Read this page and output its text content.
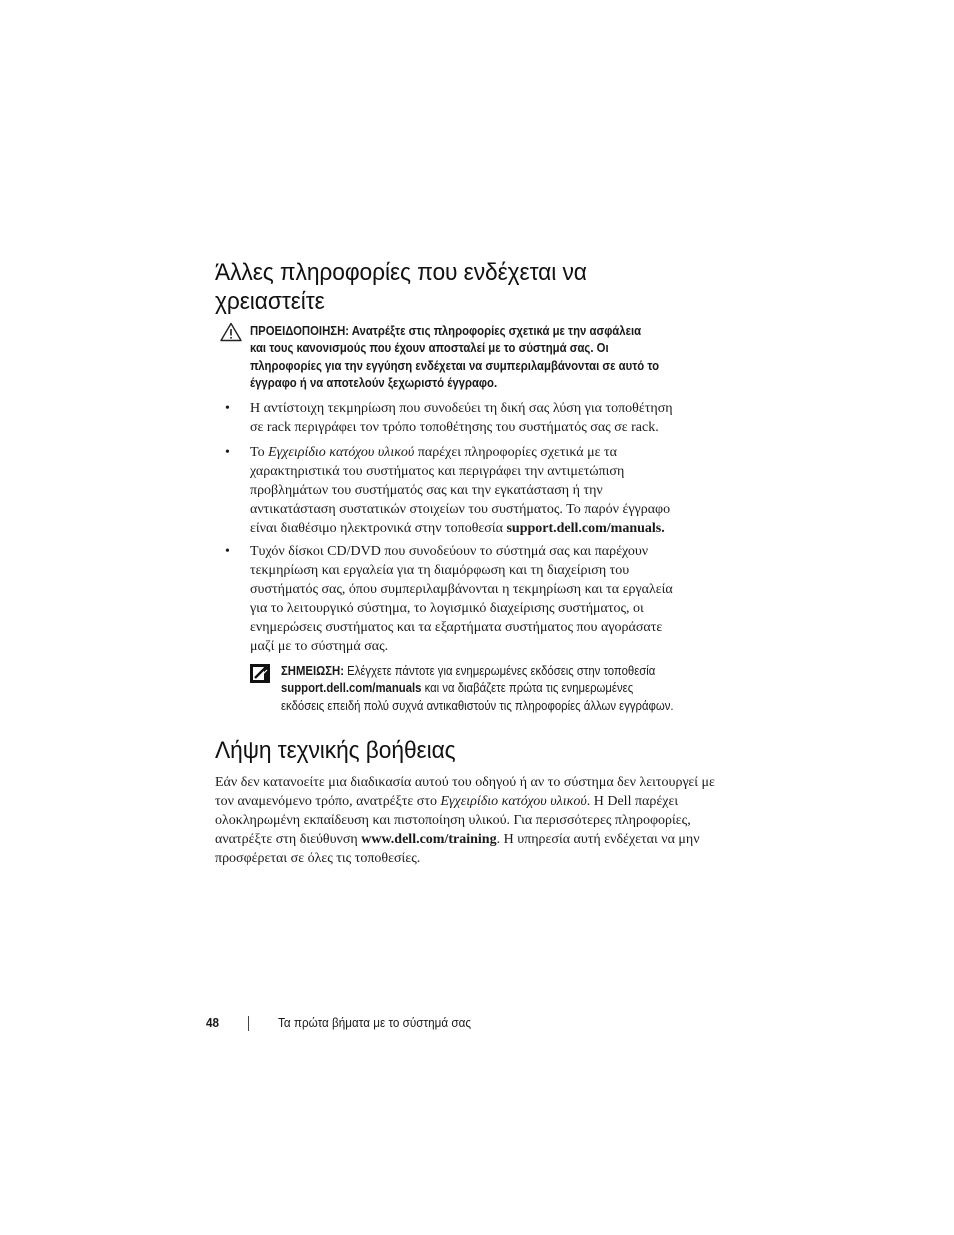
Άλλες πληροφορίες που ενδέχεται να
χρειαστείτε
ΠΡΟΕΙΔΟΠΟΙΗΣΗ: Ανατρέξτε στις πληροφορίες σχετικά με την ασφάλεια
και τους κανονισμούς που έχουν αποσταλεί με το σύστημά σας. Οι
πληροφορίες για την εγγύηση ενδέχεται να συμπεριλαμβάνονται σε αυτό το
έγγραφο ή να αποτελούν ξεχωριστό έγγραφο.
• Η αντίστοιχη τεκμηρίωση που συνοδεύει τη δική σας λύση για τοποθέτηση
σε rack περιγράφει τον τρόπο τοποθέτησης του συστήματός σας σε rack.
• Το Εγχειρίδιο κατόχου υλικού παρέχει πληροφορίες σχετικά με τα
χαρακτηριστικά του συστήματος και περιγράφει την αντιμετώπιση
προβλημάτων του συστήματός σας και την εγκατάσταση ή την
αντικατάσταση συστατικών στοιχείων του συστήματος. Το παρόν έγγραφο
είναι διαθέσιμο ηλεκτρονικά στην τοποθεσία support.dell.com/manuals.
• Τυχόν δίσκοι CD/DVD που συνοδεύουν το σύστημά σας και παρέχουν
τεκμηρίωση και εργαλεία για τη διαμόρφωση και τη διαχείριση του
συστήματός σας, όπου συμπεριλαμβάνονται η τεκμηρίωση και τα εργαλεία
για το λειτουργικό σύστημα, το λογισμικό διαχείρισης συστήματος, οι
ενημερώσεις συστήματος και τα εξαρτήματα συστήματος που αγοράσατε
μαζί με το σύστημά σας.
ΣΗΜΕΙΩΣΗ: Ελέγχετε πάντοτε για ενημερωμένες εκδόσεις στην τοποθεσία
support.dell.com/manuals και να διαβάζετε πρώτα τις ενημερωμένες
εκδόσεις επειδή πολύ συχνά αντικαθιστούν τις πληροφορίες άλλων εγγράφων.
Λήψη τεχνικής βοήθειας
Εάν δεν κατανοείτε μια διαδικασία αυτού του οδηγού ή αν το σύστημα δεν λειτουργεί με
τον αναμενόμενο τρόπο, ανατρέξτε στο Εγχειρίδιο κατόχου υλικού. Η Dell παρέχει
ολοκληρωμένη εκπαίδευση και πιστοποίηση υλικού. Για περισσότερες πληροφορίες,
ανατρέξτε στη διεύθυνση www.dell.com/training. Η υπηρεσία αυτή ενδέχεται να μην
προσφέρεται σε όλες τις τοποθεσίες.
48	Τα πρώτα βήματα με το σύστημά σας
